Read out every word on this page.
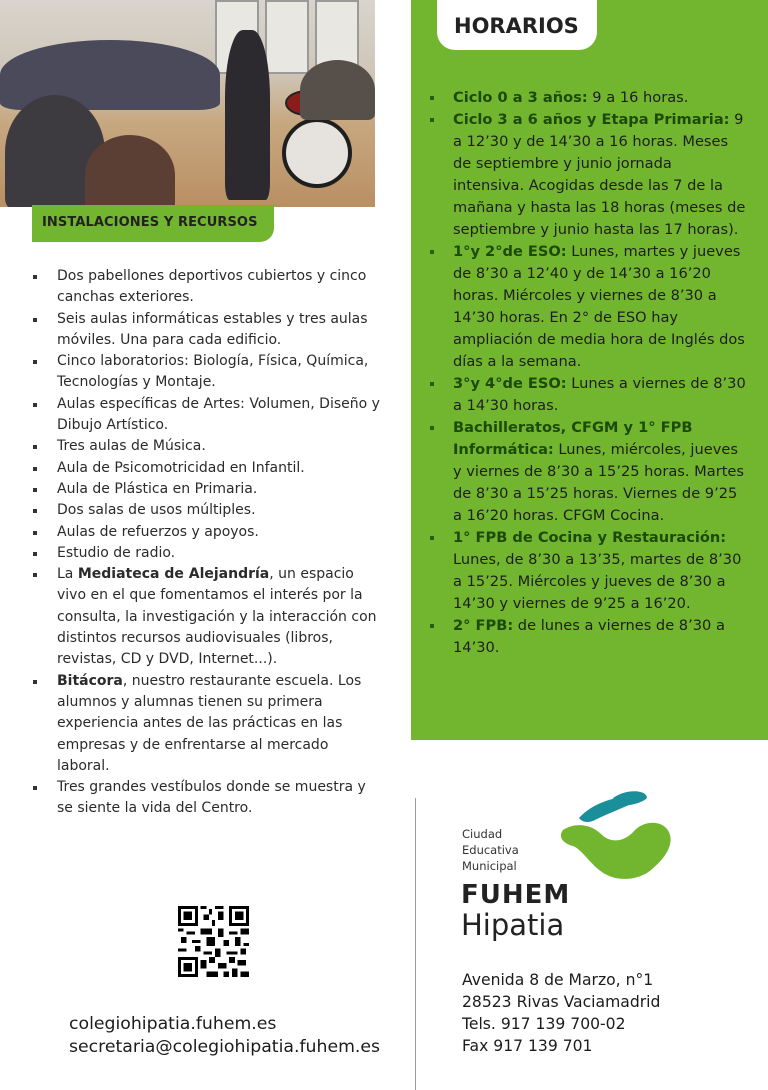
INSTALACIONES Y RECURSOS
Dos pabellones deportivos cubiertos y cinco canchas exteriores.
Seis aulas informáticas estables y tres aulas móviles. Una para cada edificio.
Cinco laboratorios: Biología, Física, Química, Tecnologías y Montaje.
Aulas específicas de Artes: Volumen, Diseño y Dibujo Artístico.
Tres aulas de Música.
Aula de Psicomotricidad en Infantil.
Aula de Plástica en Primaria.
Dos salas de usos múltiples.
Aulas de refuerzos y apoyos.
Estudio de radio.
La Mediateca de Alejandría, un espacio vivo en el que fomentamos el interés por la consulta, la investigación y la interacción con distintos recursos audiovisuales (libros, revistas, CD y DVD, Internet...).
Bitácora, nuestro restaurante escuela. Los alumnos y alumnas tienen su primera experiencia antes de las prácticas en las empresas y de enfrentarse al mercado laboral.
Tres grandes vestíbulos donde se muestra y se siente la vida del Centro.
HORARIOS
Ciclo 0 a 3 años: 9 a 16 horas.
Ciclo 3 a 6 años y Etapa Primaria: 9 a 12’30 y de 14’30 a 16 horas. Meses de septiembre y junio jornada intensiva. Acogidas desde las 7 de la mañana y hasta las 18 horas (meses de septiembre y junio hasta las 17 horas).
1°y 2°de ESO: Lunes, martes y jueves de 8’30 a 12’40 y de 14’30 a 16’20 horas. Miércoles y viernes de 8’30 a 14’30 horas. En 2° de ESO hay ampliación de media hora de Inglés dos días a la semana.
3°y 4°de ESO: Lunes a viernes de 8’30 a 14’30 horas.
Bachilleratos, CFGM y 1° FPB Informática: Lunes, miércoles, jueves y viernes de 8’30 a 15’25 horas. Martes de 8’30 a 15’25 horas. Viernes de 9’25 a 16’20 horas. CFGM Cocina.
1° FPB de Cocina y Restauración: Lunes, de 8’30 a 13’35, martes de 8’30 a 15’25. Miércoles y jueves de 8’30 a 14’30 y viernes de 9’25 a 16’20.
2° FPB: de lunes a viernes de 8’30 a 14’30.
colegiohipatia.fuhem.es
secretaria@colegiohipatia.fuhem.es
Ciudad
Educativa
Municipal
FUHEM
Hipatia
Avenida 8 de Marzo, n°1
28523 Rivas Vaciamadrid
Tels. 917 139 700-02
Fax 917 139 701
